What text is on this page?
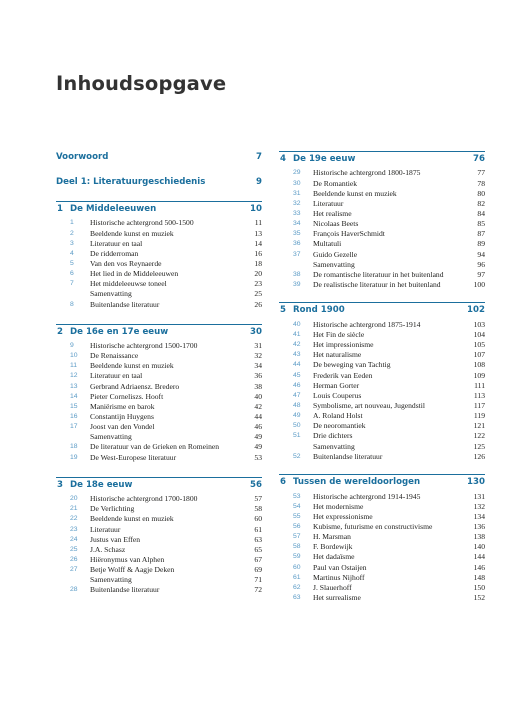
Inhoudsopgave
Voorwoord	7
Deel 1: Literatuurgeschiedenis	9
1 De Middeleeuwen	10
1 Historische achtergrond 500-1500	11
2 Beeldende kunst en muziek	13
3 Literatuur en taal	14
4 De ridderroman	16
5 Van den vos Reynaerde	18
6 Het lied in de Middeleeuwen	20
7 Het middeleeuwse toneel	23
Samenvatting	25
8 Buitenlandse literatuur	26
2 De 16e en 17e eeuw	30
9 Historische achtergrond 1500-1700	31
10 De Renaissance	32
11 Beeldende kunst en muziek	34
12 Literatuur en taal	36
13 Gerbrand Adriaensz. Bredero	38
14 Pieter Corneliszs. Hooft	40
15 Maniërisme en barok	42
16 Constantijn Huygens	44
17 Joost van den Vondel	46
Samenvatting	49
18 De literatuur van de Grieken en Romeinen	49
19 De West-Europese literatuur	53
3 De 18e eeuw	56
20 Historische achtergrond 1700-1800	57
21 De Verlichting	58
22 Beeldende kunst en muziek	60
23 Literatuur	61
24 Justus van Effen	63
25 J.A. Schasz	65
26 Hiëronymus van Alphen	67
27 Betje Wolff & Aagje Deken	69
Samenvatting	71
28 Buitenlandse literatuur	72
4 De 19e eeuw	76
29 Historische achtergrond 1800-1875	77
30 De Romantiek	78
31 Beeldende kunst en muziek	80
32 Literatuur	82
33 Het realisme	84
34 Nicolaas Beets	85
35 François HaverSchmidt	87
36 Multatuli	89
37 Guido Gezelle	94
Samenvatting	96
38 De romantische literatuur in het buitenland	97
39 De realistische literatuur in het buitenland	100
5 Rond 1900	102
40 Historische achtergrond 1875-1914	103
41 Het Fin de siècle	104
42 Het impressionisme	105
43 Het naturalisme	107
44 De beweging van Tachtig	108
45 Frederik van Eeden	109
46 Herman Gorter	111
47 Louis Couperus	113
48 Symbolisme, art nouveau, Jugendstil	117
49 A. Roland Holst	119
50 De neoromantiek	121
51 Drie dichters	122
Samenvatting	125
52 Buitenlandse literatuur	126
6 Tussen de wereldoorlogen	130
53 Historische achtergrond 1914-1945	131
54 Het modernisme	132
55 Het expressionisme	134
56 Kubisme, futurisme en constructivisme	136
57 H. Marsman	138
58 F. Bordewijk	140
59 Het dadaïsme	144
60 Paul van Ostaijen	146
61 Martinus Nijhoff	148
62 J. Slauerhoff	150
63 Het surrealisme	152
